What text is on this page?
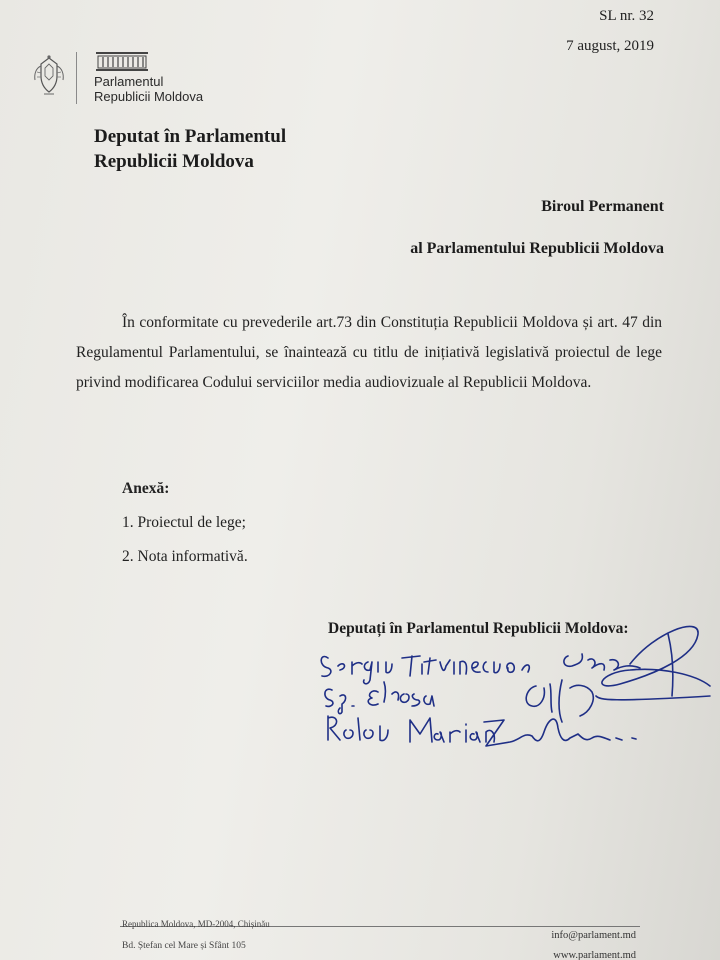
SL nr. 32
7 august, 2019
Parlamentul
Republicii Moldova
Deputat în Parlamentul
Republicii Moldova
Biroul Permanent
al Parlamentului Republicii Moldova
În conformitate cu prevederile art.73 din Constituția Republicii Moldova și art. 47 din Regulamentul Parlamentului, se înaintează cu titlu de inițiativă legislativă proiectul de lege privind modificarea Codului serviciilor media audiovizuale al Republicii Moldova.
Anexă:
1. Proiectul de lege;
2. Nota informativă.
Deputați în Parlamentul Republicii Moldova:
Republica Moldova, MD-2004, Chișinău
Bd. Ștefan cel Mare și Sfânt 105
info@parlament.md
www.parlament.md
